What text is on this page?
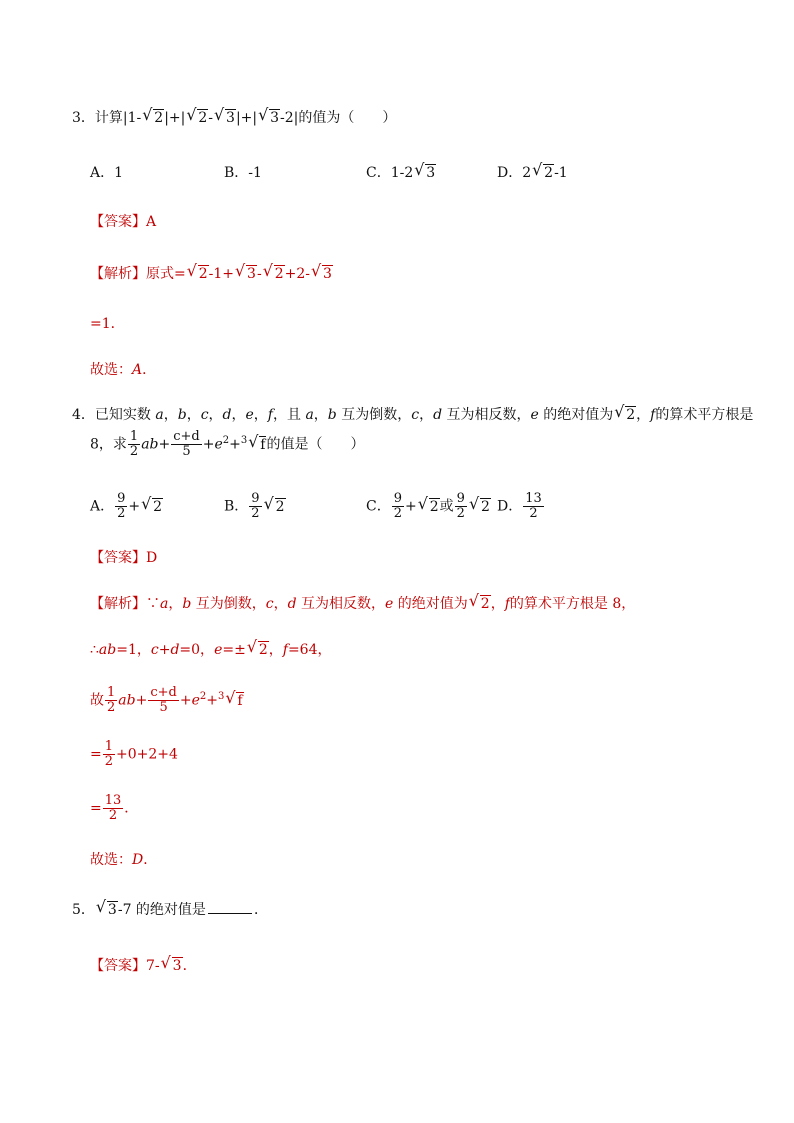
3．计算|1- √ 2|+| √ 2- √ 3|+| √ 3-2|的值为（　　）
A．1	B．-1	C．1-2 √ 3	D．2 √ 2-1
【答案】A
【解析】原式= √ 2-1+ √ 3- √ 2+2- √ 3
=1．
故选：A．
4．已知实数 a，b，c，d，e，f，且 a，b 互为倒数，c，d 互为相反数，e 的绝对值为 √ 2，f的算术平方根是
8，求 $\frac{1}{2} ab+ \frac{c+d}{5} +e^2+^3$ √ f的值是（　　）
A． $\frac{9}{2}$ + √ 2	B． $\frac{9}{2}$ √ 2	C． $\frac{9}{2}$ + √ 2或 $\frac{9}{2}$ √ 2 D． $\frac{13}{2}$
【答案】D
【解析】∵a，b 互为倒数，c，d 互为相反数，e 的绝对值为 √ 2，f的算术平方根是 8，
∴ab=1，c+d=0，e=± √ 2，f=64，
故 $\frac{1}{2} ab+ \frac{c+d}{5} +e^2+^3$ √ f
= $\frac{1}{2} +0+2+4$
= $\frac{13}{2}$ ．
故选：D．
5． √ 3-7 的绝对值是	．
【答案】7- √ 3．
